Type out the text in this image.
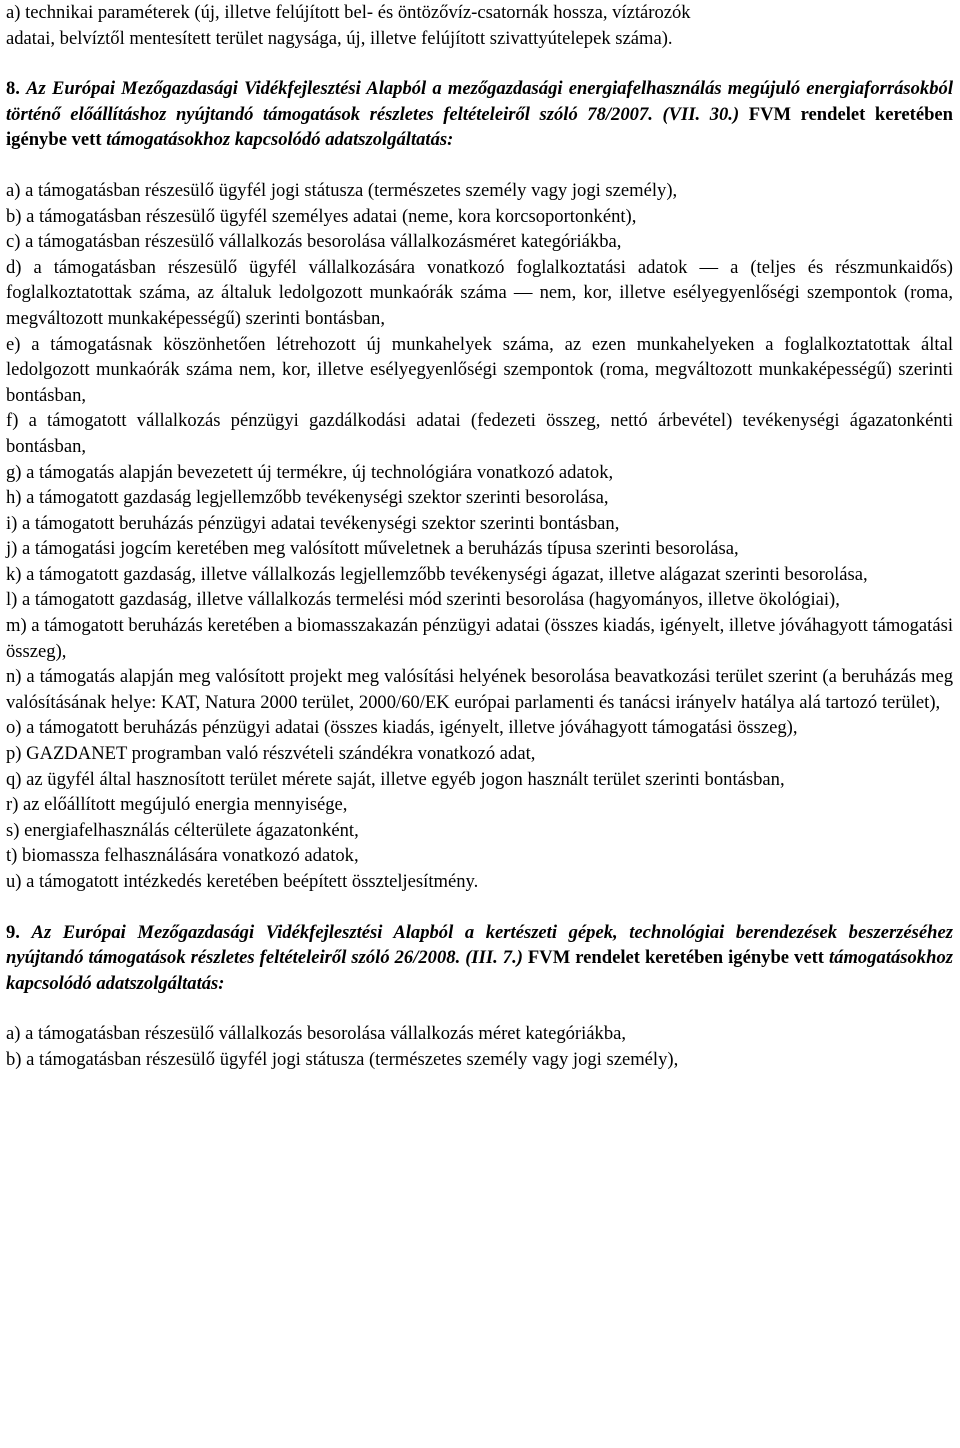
a) technikai paraméterek (új, illetve felújított bel- és öntözővíz-csatornák hossza, víztározók
adatai, belvíztől mentesített terület nagysága, új, illetve felújított szivattyútelepek száma).

8. Az Európai Mezőgazdasági Vidékfejlesztési Alapból a mezőgazdasági energiafelhasználás megújuló energiaforrásokból történő előállításhoz nyújtandó támogatások részletes feltételeiről szóló 78/2007. (VII. 30.) FVM rendelet keretében igénybe vett támogatásokhoz kapcsolódó adatszolgáltatás:

a) a támogatásban részesülő ügyfél jogi státusza (természetes személy vagy jogi személy),

b) a támogatásban részesülő ügyfél személyes adatai (neme, kora korcsoportonként),

c) a támogatásban részesülő vállalkozás besorolása vállalkozásméret kategóriákba,

d) a támogatásban részesülő ügyfél vállalkozására vonatkozó foglalkoztatási adatok — a (teljes és részmunkaidős) foglalkoztatottak száma, az általuk ledolgozott munkaórák száma — nem, kor, illetve esélyegyenlőségi szempontok (roma, megváltozott munkaképességű) szerinti bontásban,

e) a támogatásnak köszönhetően létrehozott új munkahelyek száma, az ezen munkahelyeken a foglalkoztatottak által ledolgozott munkaórák száma nem, kor, illetve esélyegyenlőségi szempontok (roma, megváltozott munkaképességű) szerinti bontásban,

f) a támogatott vállalkozás pénzügyi gazdálkodási adatai (fedezeti összeg, nettó árbevétel) tevékenységi ágazatonkénti bontásban,

g) a támogatás alapján bevezetett új termékre, új technológiára vonatkozó adatok,

h) a támogatott gazdaság legjellemzőbb tevékenységi szektor szerinti besorolása,

i) a támogatott beruházás pénzügyi adatai tevékenységi szektor szerinti bontásban,

j) a támogatási jogcím keretében meg valósított műveletnek a beruházás típusa szerinti besorolása,

k) a támogatott gazdaság, illetve vállalkozás legjellemzőbb tevékenységi ágazat, illetve alágazat szerinti besorolása,

l) a támogatott gazdaság, illetve vállalkozás termelési mód szerinti besorolása (hagyományos, illetve ökológiai),

m) a támogatott beruházás keretében a biomasszakazán pénzügyi adatai (összes kiadás, igényelt, illetve jóváhagyott támogatási összeg),

n) a támogatás alapján meg valósított projekt meg valósítási helyének besorolása beavatkozási terület szerint (a beruházás meg valósításának helye: KAT, Natura 2000 terület, 2000/60/EK európai parlamenti és tanácsi irányelv hatálya alá tartozó terület),

o) a támogatott beruházás pénzügyi adatai (összes kiadás, igényelt, illetve jóváhagyott támogatási összeg),

p) GAZDANET programban való részvételi szándékra vonatkozó adat,

q) az ügyfél által hasznosított terület mérete saját, illetve egyéb jogon használt terület szerinti bontásban,

r) az előállított megújuló energia mennyisége,

s) energiafelhasználás célterülete ágazatonként,

t) biomassza felhasználására vonatkozó adatok,

u) a támogatott intézkedés keretében beépített összteljesítmény.

9. Az Európai Mezőgazdasági Vidékfejlesztési Alapból a kertészeti gépek, technológiai berendezések beszerzéséhez nyújtandó támogatások részletes feltételeiről szóló 26/2008. (III. 7.) FVM rendelet keretében igénybe vett támogatásokhoz kapcsolódó adatszolgáltatás:

a) a támogatásban részesülő vállalkozás besorolása vállalkozás méret kategóriákba,

b) a támogatásban részesülő ügyfél jogi státusza (természetes személy vagy jogi személy),
